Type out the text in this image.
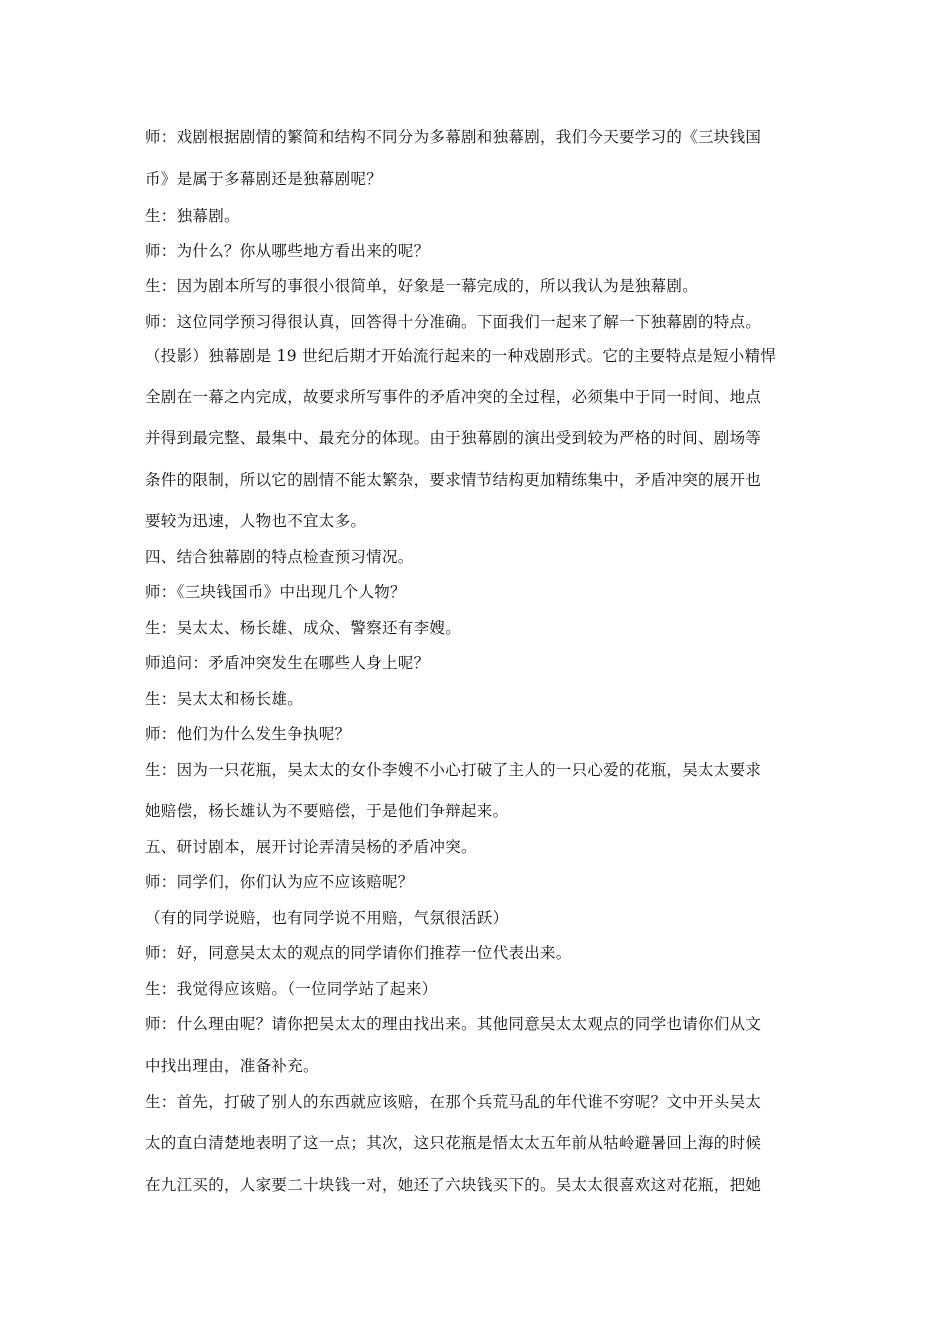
师：戏剧根据剧情的繁简和结构不同分为多幕剧和独幕剧，我们今天要学习的《三块钱国

币》是属于多幕剧还是独幕剧呢？

生：独幕剧。

师：为什么？你从哪些地方看出来的呢？

生：因为剧本所写的事很小很简单，好象是一幕完成的，所以我认为是独幕剧。

师：这位同学预习得很认真，回答得十分准确。下面我们一起来了解一下独幕剧的特点。

（投影）独幕剧是 19 世纪后期才开始流行起来的一种戏剧形式。它的主要特点是短小精悍

全剧在一幕之内完成，故要求所写事件的矛盾冲突的全过程，必须集中于同一时间、地点

并得到最完整、最集中、最充分的体现。由于独幕剧的演出受到较为严格的时间、剧场等

条件的限制，所以它的剧情不能太繁杂，要求情节结构更加精练集中，矛盾冲突的展开也

要较为迅速，人物也不宜太多。

四、结合独幕剧的特点检查预习情况。

师：《三块钱国币》中出现几个人物？

生：吴太太、杨长雄、成众、警察还有李嫂。

师追问：矛盾冲突发生在哪些人身上呢？

生：吴太太和杨长雄。

师：他们为什么发生争执呢？

生：因为一只花瓶，吴太太的女仆李嫂不小心打破了主人的一只心爱的花瓶，吴太太要求

她赔偿，杨长雄认为不要赔偿，于是他们争辩起来。

五、研讨剧本，展开讨论弄清吴杨的矛盾冲突。

师：同学们，你们认为应不应该赔呢？

（有的同学说赔，也有同学说不用赔，气氛很活跃）

师：好，同意吴太太的观点的同学请你们推荐一位代表出来。

生：我觉得应该赔。（一位同学站了起来）

师：什么理由呢？请你把吴太太的理由找出来。其他同意吴太太观点的同学也请你们从文

中找出理由，准备补充。

生：首先，打破了别人的东西就应该赔，在那个兵荒马乱的年代谁不穷呢？文中开头吴太

太的直白清楚地表明了这一点；其次，这只花瓶是悟太太五年前从牯岭避暑回上海的时候

在九江买的，人家要二十块钱一对，她还了六块钱买下的。吴太太很喜欢这对花瓶，把她
